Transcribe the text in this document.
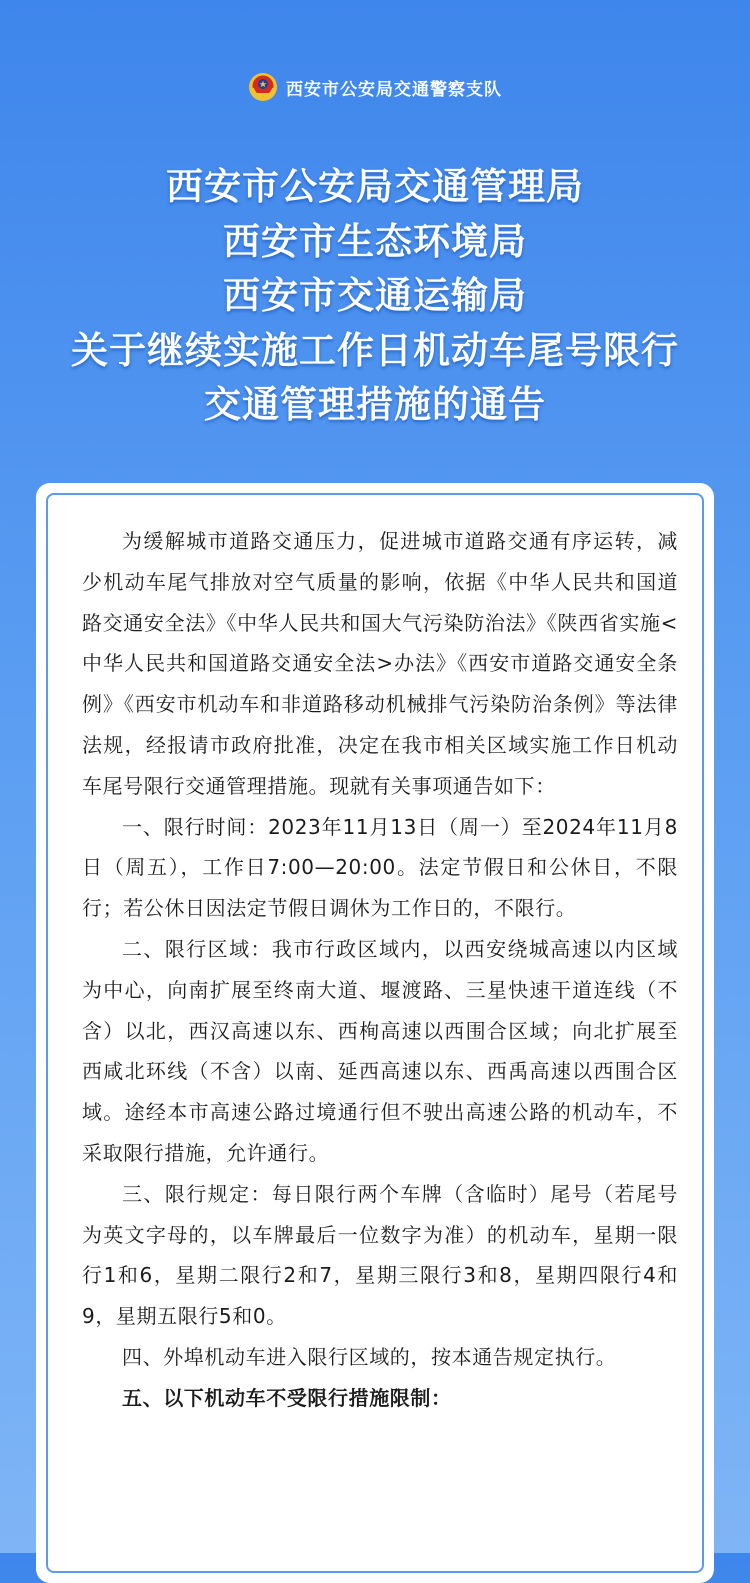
西安市公安局交通警察支队
西安市公安局交通管理局
西安市生态环境局
西安市交通运输局
关于继续实施工作日机动车尾号限行
交通管理措施的通告

为缓解城市道路交通压力，促进城市道路交通有序运转，减少机动车尾气排放对空气质量的影响，依据《中华人民共和国道路交通安全法》《中华人民共和国大气污染防治法》《陕西省实施<中华人民共和国道路交通安全法>办法》《西安市道路交通安全条例》《西安市机动车和非道路移动机械排气污染防治条例》等法律法规，经报请市政府批准，决定在我市相关区域实施工作日机动车尾号限行交通管理措施。现就有关事项通告如下：

一、限行时间：2023年11月13日（周一）至2024年11月8日（周五），工作日7:00—20:00。法定节假日和公休日，不限行；若公休日因法定节假日调休为工作日的，不限行。

二、限行区域：我市行政区域内，以西安绕城高速以内区域为中心，向南扩展至终南大道、堰渡路、三星快速干道连线（不含）以北，西汉高速以东、西栒高速以西围合区域；向北扩展至西咸北环线（不含）以南、延西高速以东、西禹高速以西围合区域。途经本市高速公路过境通行但不驶出高速公路的机动车，不采取限行措施，允许通行。

三、限行规定：每日限行两个车牌（含临时）尾号（若尾号为英文字母的，以车牌最后一位数字为准）的机动车，星期一限行1和6，星期二限行2和7，星期三限行3和8，星期四限行4和9，星期五限行5和0。

四、外埠机动车进入限行区域的，按本通告规定执行。

五、以下机动车不受限行措施限制：
